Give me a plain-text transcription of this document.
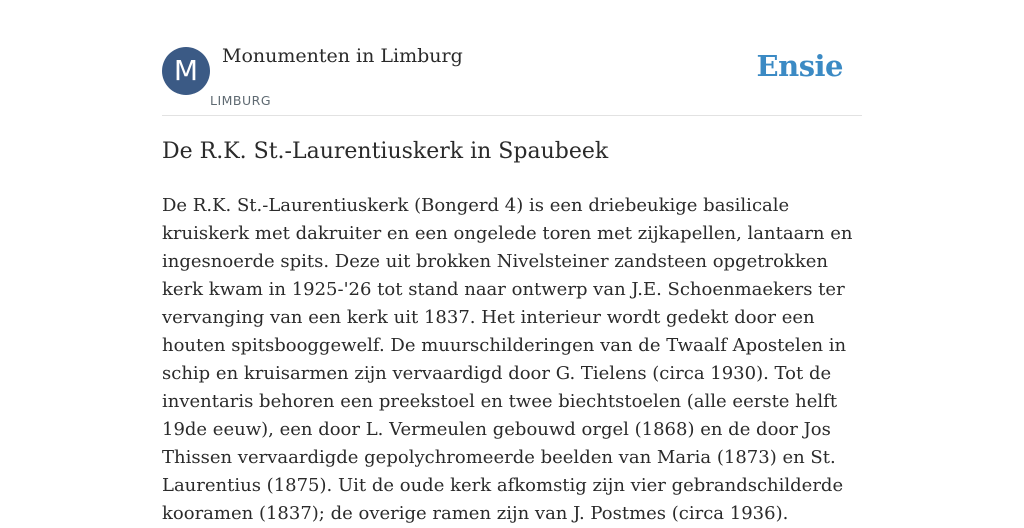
M	Monumenten in Limburg
LIMBURG
Ensie
De R.K. St.-Laurentiuskerk in Spaubeek

De R.K. St.-Laurentiuskerk (Bongerd 4) is een driebeukige basilicale kruiskerk met dakruiter en een ongelede toren met zijkapellen, lantaarn en ingesnoerde spits. Deze uit brokken Nivelsteiner zandsteen opgetrokken kerk kwam in 1925-'26 tot stand naar ontwerp van J.E. Schoenmaekers ter vervanging van een kerk uit 1837. Het interieur wordt gedekt door een houten spitsbooggewelf. De muurschilderingen van de Twaalf Apostelen in schip en kruisarmen zijn vervaardigd door G. Tielens (circa 1930). Tot de inventaris behoren een preekstoel en twee biechtstoelen (alle eerste helft 19de eeuw), een door L. Vermeulen gebouwd orgel (1868) en de door Jos Thissen vervaardigde gepolychromeerde beelden van Maria (1873) en St. Laurentius (1875). Uit de oude kerk afkomstig zijn vier gebrandschilderde kooramen (1837); de overige ramen zijn van J. Postmes (circa 1936).
